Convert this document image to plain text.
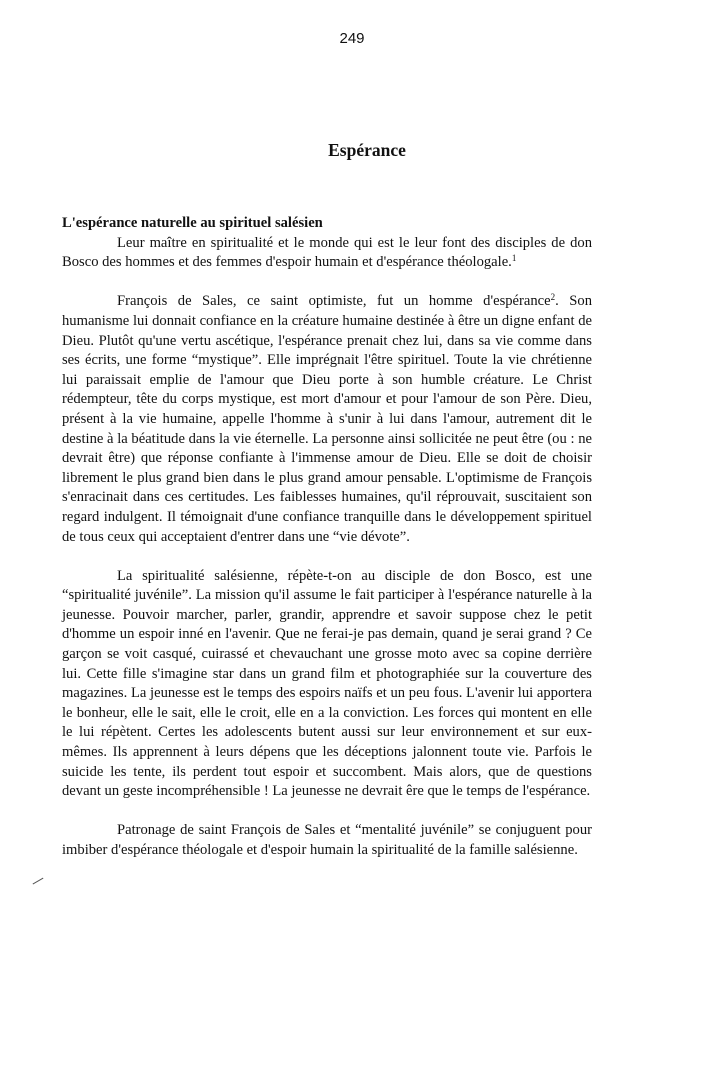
249
Espérance
L'espérance naturelle au spirituel salésien

Leur maître en spiritualité et le monde qui est le leur font des disciples de don Bosco des hommes et des femmes d'espoir humain et d'espérance théologale.$^1$

François de Sales, ce saint optimiste, fut un homme d'espérance$^2$. Son humanisme lui donnait confiance en la créature humaine destinée à être un digne enfant de Dieu. Plutôt qu'une vertu ascétique, l'espérance prenait chez lui, dans sa vie comme dans ses écrits, une forme “mystique”. Elle imprégnait l'être spirituel. Toute la vie chrétienne lui paraissait emplie de l'amour que Dieu porte à son humble créature. Le Christ rédempteur, tête du corps mystique, est mort d'amour et pour l'amour de son Père. Dieu, présent à la vie humaine, appelle l'homme à s'unir à lui dans l'amour, autrement dit le destine à la béatitude dans la vie éternelle. La personne ainsi sollicitée ne peut être (ou : ne devrait être) que réponse confiante à l'immense amour de Dieu. Elle se doit de choisir librement le plus grand bien dans le plus grand amour pensable. L'optimisme de François s'enracinait dans ces certitudes. Les faiblesses humaines, qu'il réprouvait, suscitaient son regard indulgent. Il témoignait d'une confiance tranquille dans le développement spirituel de tous ceux qui acceptaient d'entrer dans une “vie dévote”.

La spiritualité salésienne, répète-t-on au disciple de don Bosco, est une “spiritualité juvénile”. La mission qu'il assume le fait participer à l'espérance naturelle à la jeunesse. Pouvoir marcher, parler, grandir, apprendre et savoir suppose chez le petit d'homme un espoir inné en l'avenir. Que ne ferai-je pas demain, quand je serai grand ? Ce garçon se voit casqué, cuirassé et chevauchant une grosse moto avec sa copine derrière lui. Cette fille s'imagine star dans un grand film et photographiée sur la couverture des magazines. La jeunesse est le temps des espoirs naïfs et un peu fous. L'avenir lui apportera le bonheur, elle le sait, elle le croit, elle en a la conviction. Les forces qui montent en elle le lui répètent. Certes les adolescents butent aussi sur leur environnement et sur eux-mêmes. Ils apprennent à leurs dépens que les déceptions jalonnent toute vie. Parfois le suicide les tente, ils perdent tout espoir et succombent. Mais alors, que de questions devant un geste incompréhensible ! La jeunesse ne devrait êre que le temps de l'espérance.

Patronage de saint François de Sales et “mentalité juvénile” se conjuguent pour imbiber d'espérance théologale et d'espoir humain la spiritualité de la famille salésienne.
